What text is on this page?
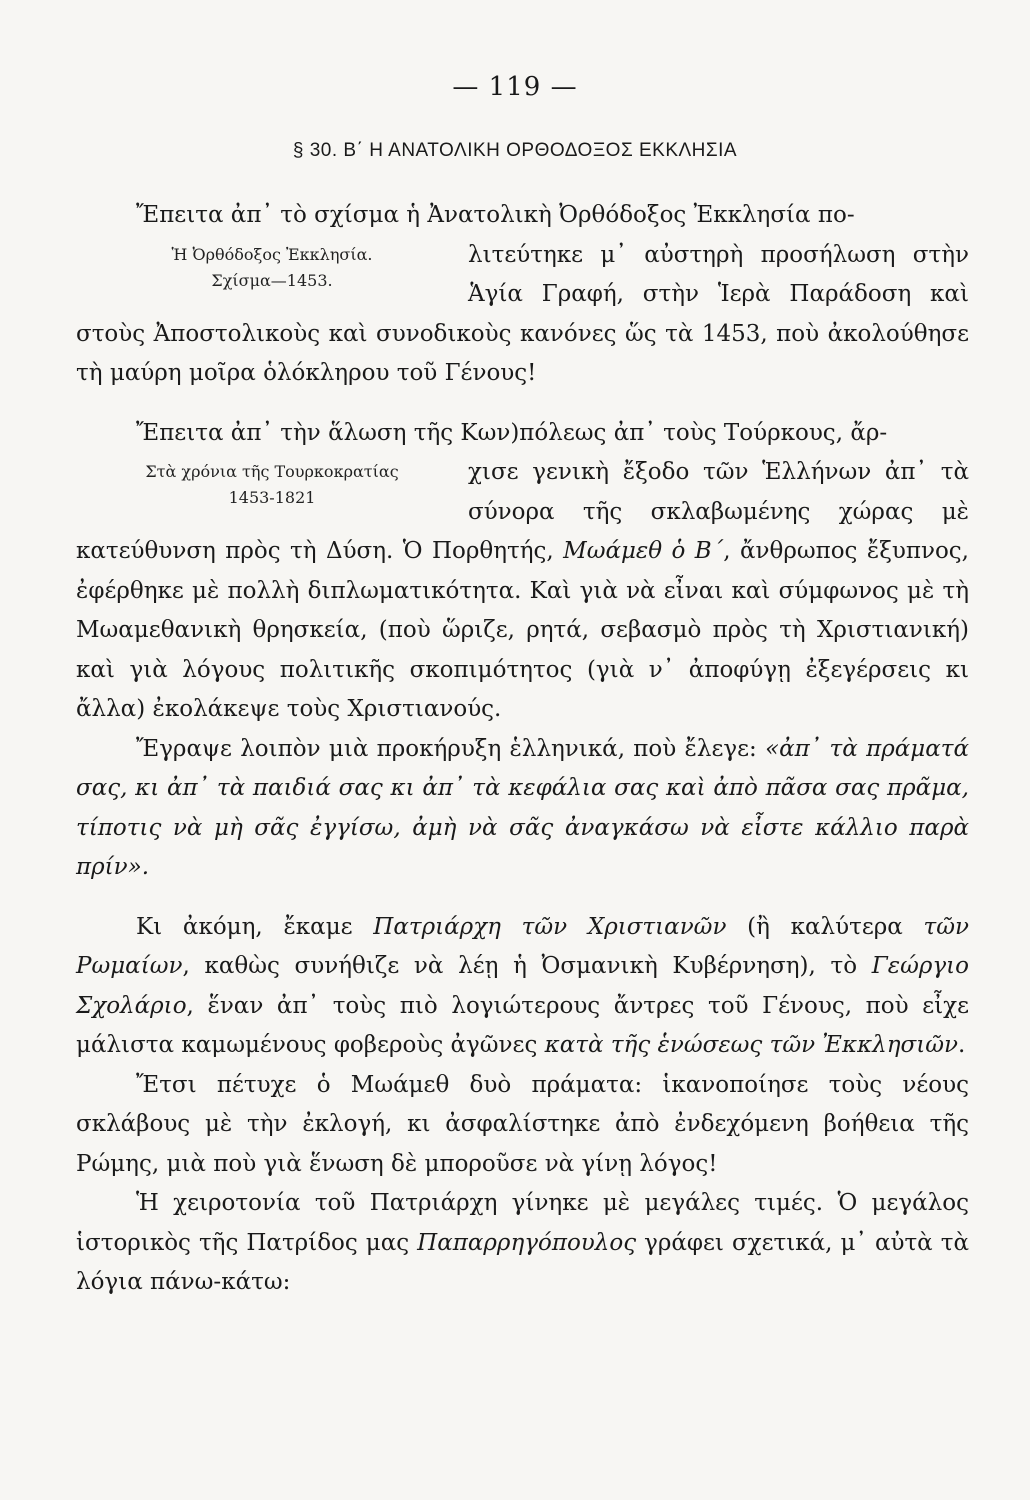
— 119 —
§ 30. Β΄ Η ΑΝΑΤΟΛΙΚΗ ΟΡΘΟΔΟΞΟΣ ΕΚΚΛΗΣΙΑ

Ἔπειτα ἀπ᾽ τὸ σχίσμα ἡ Ἀνατολικὴ Ὀρθόδοξος Ἐκκλησία πο-
Ἡ Ὀρθόδοξος Ἐκκλησία.
Σχίσμα—1453.
λιτεύτηκε μ᾽ αὐστηρὴ προσήλωση στὴν Ἁγία Γραφή, στὴν Ἱερὰ Παράδοση καὶ στοὺς Ἀποστολικοὺς καὶ συνοδικοὺς κανόνες ὥς τὰ 1453, ποὺ ἀκολούθησε τὴ μαύρη μοῖρα ὁλόκληρου τοῦ Γένους!

Ἔπειτα ἀπ᾽ τὴν ἅλωση τῆς Κων)πόλεως ἀπ᾽ τοὺς Τούρκους, ἄρ-
Στὰ χρόνια τῆς Τουρκοκρατίας
1453-1821
χισε γενικὴ ἔξοδο τῶν Ἑλλήνων ἀπ᾽ τὰ σύνορα τῆς σκλαβωμένης χώρας μὲ κατεύθυνση πρὸς τὴ Δύση. Ὁ Πορθητής, Μωάμεθ ὁ Β΄, ἄνθρωπος ἔξυπνος, ἐφέρθηκε μὲ πολλὴ διπλωματικότητα. Καὶ γιὰ νὰ εἶναι καὶ σύμφωνος μὲ τὴ Μωαμεθανικὴ θρησκεία, (ποὺ ὥριζε, ρητά, σεβασμὸ πρὸς τὴ Χριστιανική) καὶ γιὰ λόγους πολιτικῆς σκοπιμότητος (γιὰ ν᾽ ἀποφύγῃ ἐξεγέρσεις κι ἄλλα) ἐκολάκεψε τοὺς Χριστιανούς.

Ἔγραψε λοιπὸν μιὰ προκήρυξη ἑλληνικά, ποὺ ἔλεγε: «ἀπ᾽ τὰ πράματά σας, κι ἀπ᾽ τὰ παιδιά σας κι ἀπ᾽ τὰ κεφάλια σας καὶ ἀπὸ πᾶσα σας πρᾶμα, τίποτις νὰ μὴ σᾶς ἐγγίσω, ἀμὴ νὰ σᾶς ἀναγκάσω νὰ εἶστε κάλλιο παρὰ πρίν».

Κι ἀκόμη, ἔκαμε Πατριάρχη τῶν Χριστιανῶν (ἢ καλύτερα τῶν Ρωμαίων, καθὼς συνήθιζε νὰ λέῃ ἡ Ὀσμανικὴ Κυβέρνηση), τὸ Γεώργιο Σχολάριο, ἕναν ἀπ᾽ τοὺς πιὸ λογιώτερους ἄντρες τοῦ Γένους, ποὺ εἶχε μάλιστα καμωμένους φοβεροὺς ἀγῶνες κατὰ τῆς ἑνώσεως τῶν Ἐκκλησιῶν.

Ἔτσι πέτυχε ὁ Μωάμεθ δυὸ πράματα: ἱκανοποίησε τοὺς νέους σκλάβους μὲ τὴν ἐκλογή, κι ἀσφαλίστηκε ἀπὸ ἐνδεχόμενη βοήθεια τῆς Ρώμης, μιὰ ποὺ γιὰ ἕνωση δὲ μποροῦσε νὰ γίνῃ λόγος!

Ἡ χειροτονία τοῦ Πατριάρχη γίνηκε μὲ μεγάλες τιμές. Ὁ μεγάλος ἱστορικὸς τῆς Πατρίδος μας Παπαρρηγόπουλος γράφει σχετικά, μ᾽ αὐτὰ τὰ λόγια πάνω-κάτω:
